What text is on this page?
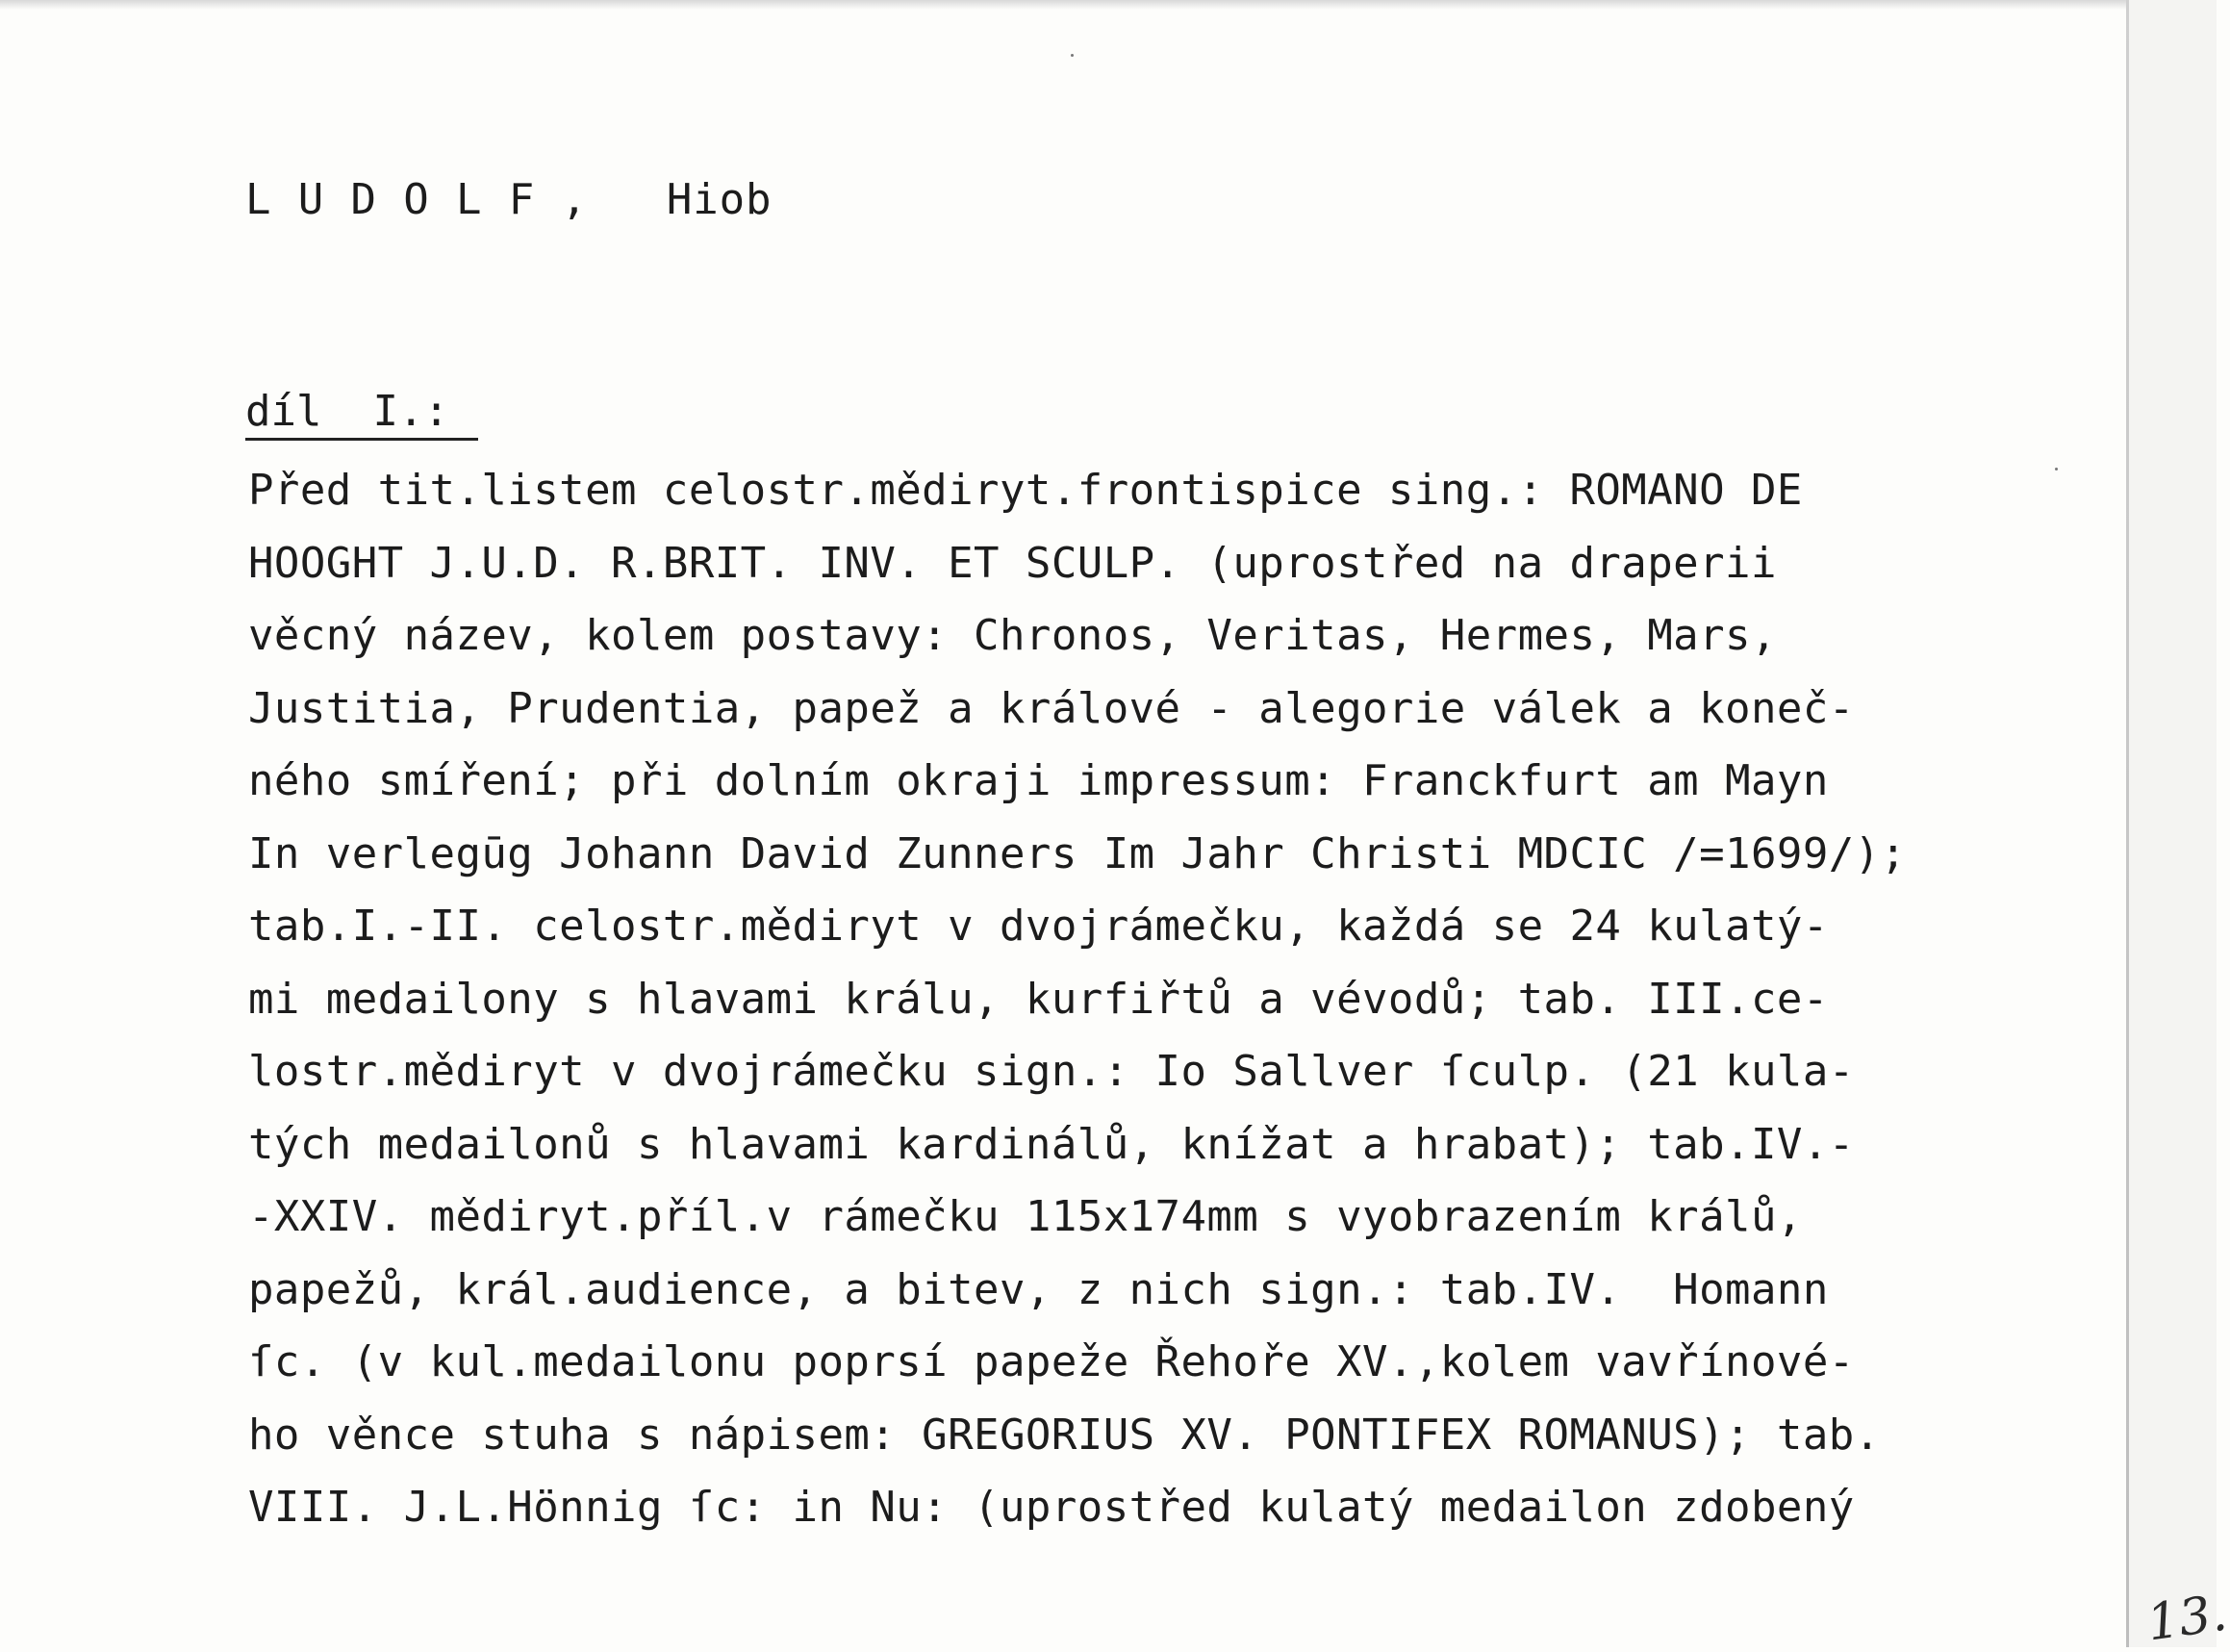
L U D O L F ,   Hiob
díl  I.:
Před tit.listem celostr.mědiryt.frontispice sing.: ROMANO DE
HOOGHT J.U.D. R.BRIT. INV. ET SCULP. (uprostřed na draperii
věcný název, kolem postavy: Chronos, Veritas, Hermes, Mars,
Justitia, Prudentia, papež a králové - alegorie válek a koneč-
ného smíření; při dolním okraji impressum: Franckfurt am Mayn
In verlegūg Johann David Zunners Im Jahr Christi MDCIC /=1699/);
tab.I.-II. celostr.mědiryt v dvojrámečku, každá se 24 kulatý-
mi medailony s hlavami králu, kurfiřtů a vévodů; tab. III.ce-
lostr.mědiryt v dvojrámečku sign.: Io Sallver ſculp. (21 kula-
tých medailonů s hlavami kardinálů, knížat a hrabat); tab.IV.-
-XXIV. mědiryt.příl.v rámečku 115x174mm s vyobrazením králů,
papežů, král.audience, a bitev, z nich sign.: tab.IV.  Homann
ſc. (v kul.medailonu poprsí papeže Řehoře XV.,kolem vavřínové-
ho věnce stuha s nápisem: GREGORIUS XV. PONTIFEX ROMANUS); tab.
VIII. J.L.Hönnig ſc: in Nu: (uprostřed kulatý medailon zdobený
13.
